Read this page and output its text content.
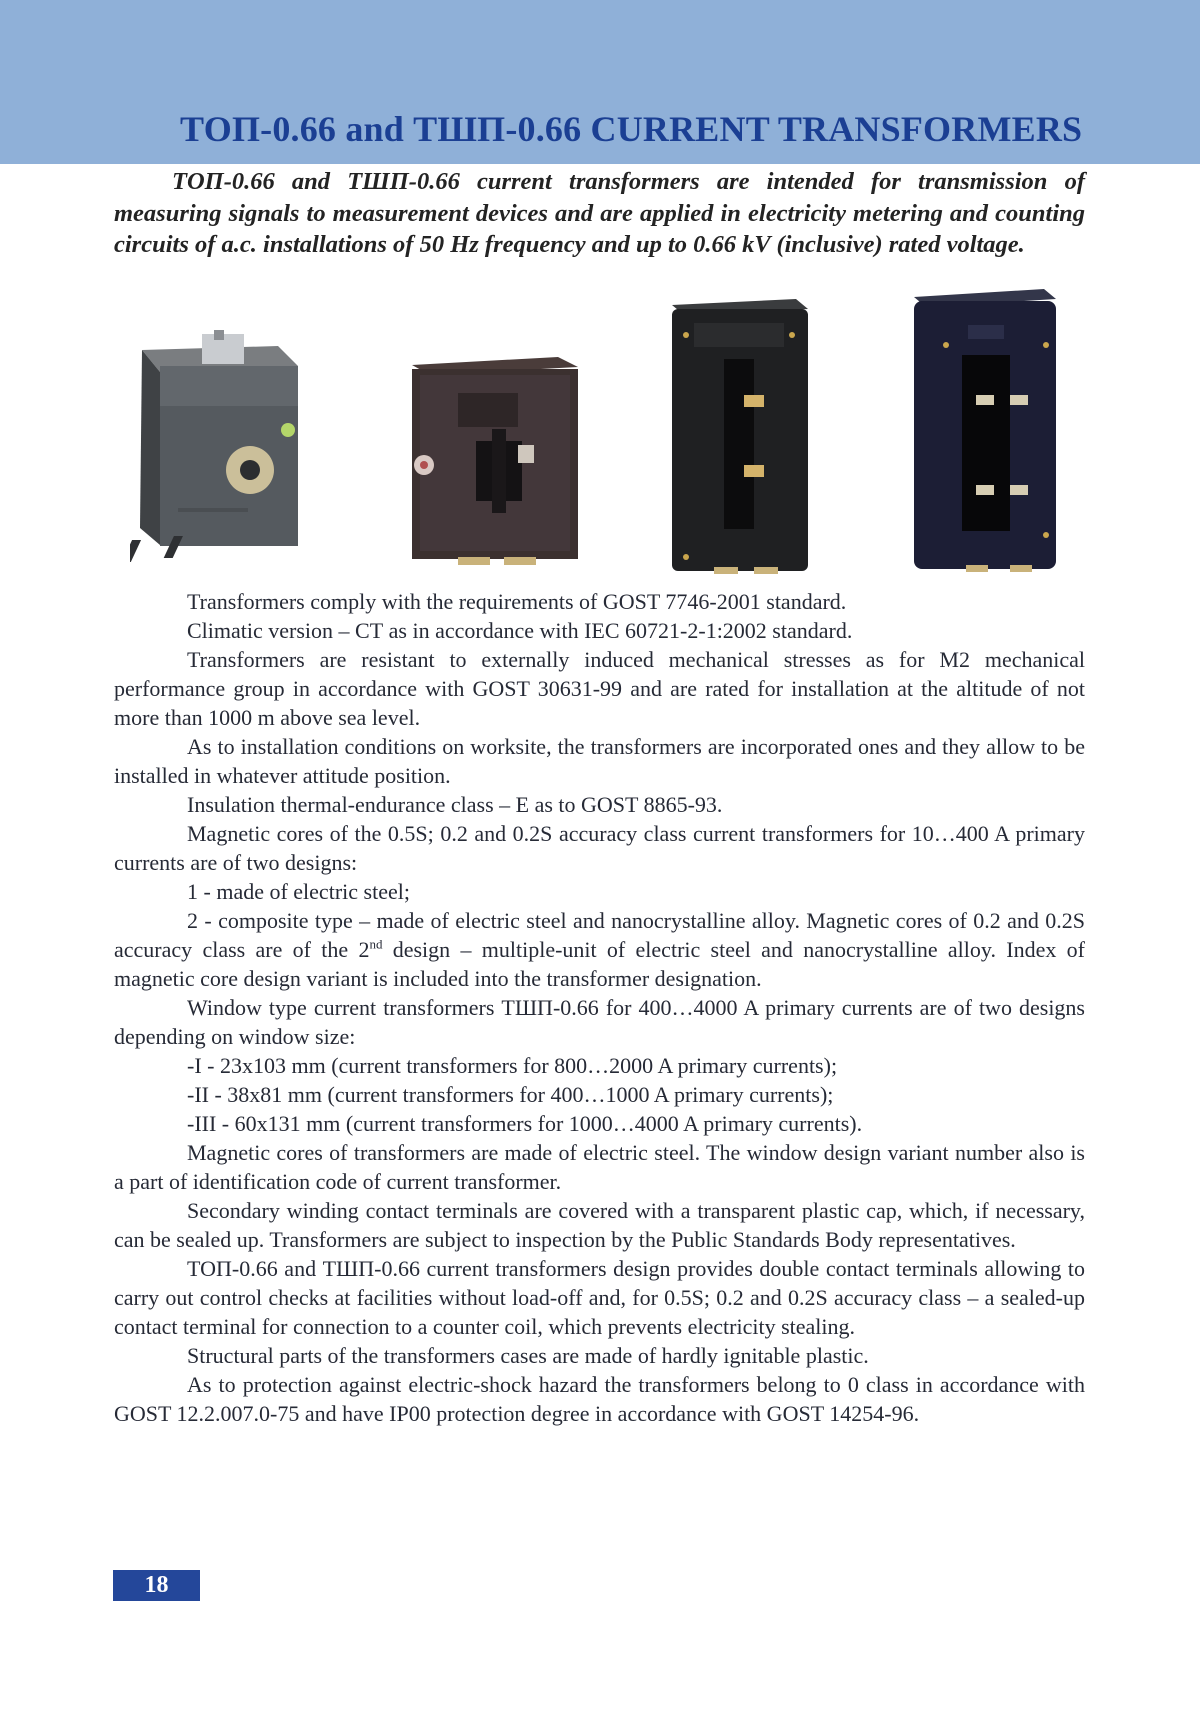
ТОП-0.66 and ТШП-0.66 CURRENT TRANSFORMERS

ТОП-0.66 and ТШП-0.66 current transformers are intended for transmission of measuring signals to measurement devices and are applied in electricity metering and counting circuits of a.c. installations of 50 Hz frequency and up to 0.66 kV (inclusive) rated voltage.

Transformers comply with the requirements of GOST 7746-2001 standard.

Climatic version – СТ as in accordance with IEC 60721-2-1:2002 standard.

Transformers are resistant to externally induced mechanical stresses as for M2 mechanical performance group in accordance with GOST 30631-99 and are rated for installation at the altitude of not more than 1000 m above sea level.

As to installation conditions on worksite, the transformers are incorporated ones and they allow to be installed in whatever attitude position.

Insulation thermal-endurance class – E as to GOST 8865-93.

Magnetic cores of the 0.5S; 0.2 and 0.2S accuracy class current transformers for 10…400 A primary currents are of two designs:

1 - made of electric steel;

2 - composite type – made of electric steel and nanocrystalline alloy. Magnetic cores of 0.2 and 0.2S accuracy class are of the 2nd design – multiple-unit of electric steel and nanocrystalline alloy. Index of magnetic core design variant is included into the transformer designation.

Window type current transformers ТШП-0.66 for 400…4000 A primary currents are of two designs depending on window size:

-I - 23x103 mm (current transformers for 800…2000 A primary currents);

-II - 38x81 mm (current transformers for 400…1000 A primary currents);

-III - 60x131 mm (current transformers for 1000…4000 A primary currents).

Magnetic cores of transformers are made of electric steel. The window design variant number also is a part of identification code of current transformer.

Secondary winding contact terminals are covered with a transparent plastic cap, which, if necessary, can be sealed up. Transformers are subject to inspection by the Public Standards Body representatives.

ТОП-0.66 and ТШП-0.66 current transformers design provides double contact terminals allowing to carry out control checks at facilities without load-off and, for 0.5S; 0.2 and 0.2S accuracy class – a sealed-up contact terminal for connection to a counter coil, which prevents electricity stealing.

Structural parts of the transformers cases are made of hardly ignitable plastic.

As to protection against electric-shock hazard the transformers belong to 0 class in accordance with GOST 12.2.007.0-75 and have IP00 protection degree in accordance with GOST 14254-96.

18
